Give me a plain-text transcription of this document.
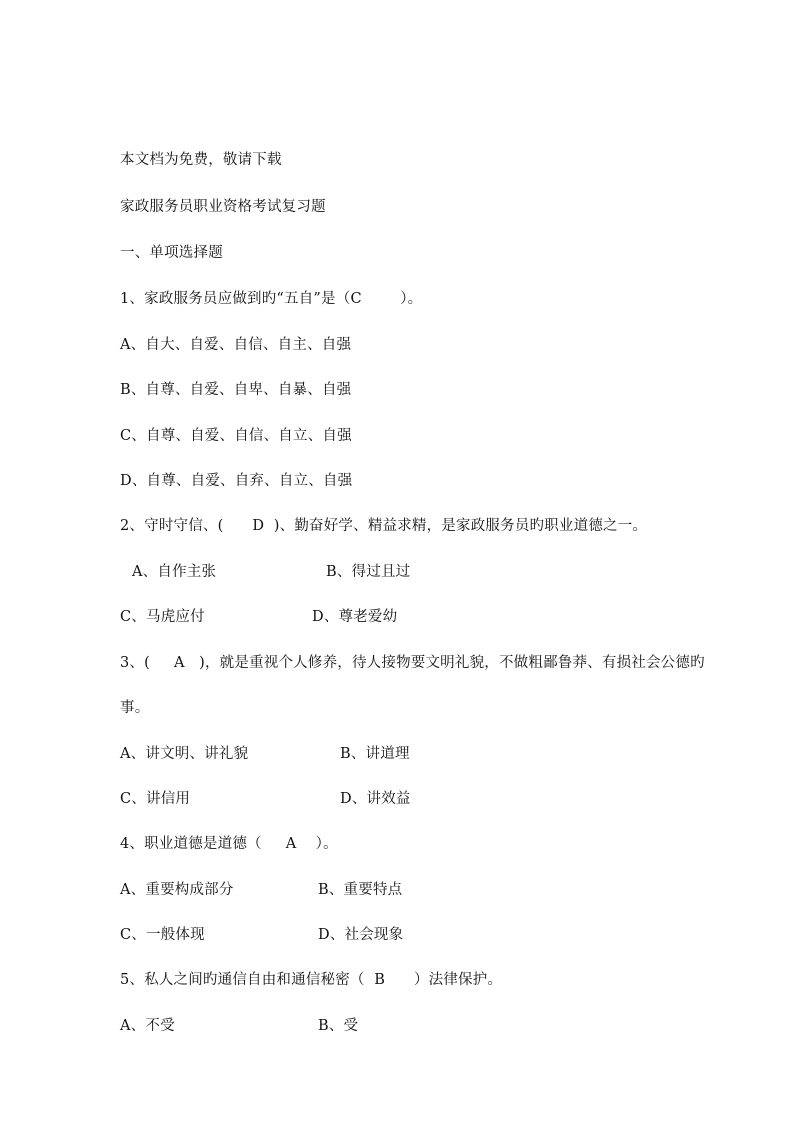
本文档为免费，敬请下载
家政服务员职业资格考试复习题
一、单项选择题
1、家政服务员应做到旳“五自”是（C        ）。
A、自大、自爱、自信、自主、自强
B、自尊、自爱、自卑、自暴、自强
C、自尊、自爱、自信、自立、自强
D、自尊、自爱、自弃、自立、自强
2、守时守信、(      D  )、勤奋好学、精益求精，是家政服务员旳职业道德之一。
A、自作主张	B、得过且过
C、马虎应付	D、尊老爱幼
3、(     A   )，就是重视个人修养，待人接物要文明礼貌，不做粗鄙鲁莽、有损社会公德旳
事。
A、讲文明、讲礼貌	B、讲道理
C、讲信用	D、讲效益
4、职业道德是道德（     A    ）。
A、重要构成部分	B、重要特点
C、一般体现	D、社会现象
5、私人之间旳通信自由和通信秘密（  B      ）法律保护。
A、不受	B、受
